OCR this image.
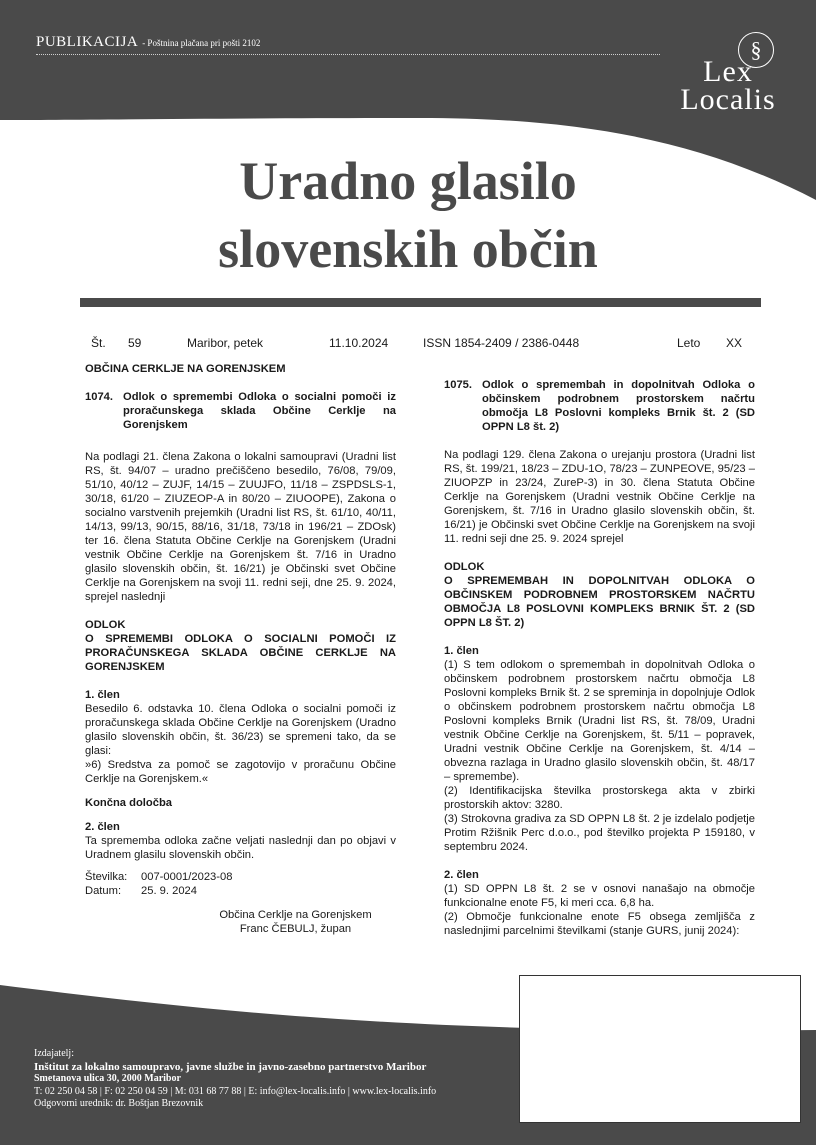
PUBLIKACIJA - Poštnina plačana pri pošti 2102	§
Lex
Localis
Uradno glasilo
slovenskih občin
Št. 59	Maribor, petek	11.10.2024	ISSN 1854-2409 / 2386-0448	Leto XX

OBČINA CERKLJE NA GORENJSKEM

1074. Odlok o spremembi Odloka o socialni pomoči iz proračunskega sklada Občine Cerklje na Gorenjskem

Na podlagi 21. člena Zakona o lokalni samoupravi (Uradni list RS, št. 94/07 – uradno prečiščeno besedilo, 76/08, 79/09, 51/10, 40/12 – ZUJF, 14/15 – ZUUJFO, 11/18 – ZSPDSLS-1, 30/18, 61/20 – ZIUZEOP-A in 80/20 – ZIUOOPE), Zakona o socialno varstvenih prejemkih (Uradni list RS, št. 61/10, 40/11, 14/13, 99/13, 90/15, 88/16, 31/18, 73/18 in 196/21 – ZDOsk) ter 16. člena Statuta Občine Cerklje na Gorenjskem (Uradni vestnik Občine Cerklje na Gorenjskem št. 7/16 in Uradno glasilo slovenskih občin, št. 16/21) je Občinski svet Občine Cerklje na Gorenjskem na svoji 11. redni seji, dne 25. 9. 2024, sprejel naslednji

ODLOK

O SPREMEMBI ODLOKA O SOCIALNI POMOČI IZ PRORAČUNSKEGA SKLADA OBČINE CERKLJE NA GORENJSKEM

1. člen

Besedilo 6. odstavka 10. člena Odloka o socialni pomoči iz proračunskega sklada Občine Cerklje na Gorenjskem (Uradno glasilo slovenskih občin, št. 36/23) se spremeni tako, da se glasi:

»6) Sredstva za pomoč se zagotovijo v proračunu Občine Cerklje na Gorenjskem.«

Končna določba

2. člen

Ta sprememba odloka začne veljati naslednji dan po objavi v Uradnem glasilu slovenskih občin.

Številka:	007-0001/2023-08
Datum:	25. 9. 2024
Občina Cerklje na Gorenjskem
Franc ČEBULJ, župan
1075. Odlok o spremembah in dopolnitvah Odloka o občinskem podrobnem prostorskem načrtu območja L8 Poslovni kompleks Brnik št. 2 (SD OPPN L8 št. 2)

Na podlagi 129. člena Zakona o urejanju prostora (Uradni list RS, št. 199/21, 18/23 – ZDU-1O, 78/23 – ZUNPEOVE, 95/23 – ZIUOPZP in 23/24, ZureP-3) in 30. člena Statuta Občine Cerklje na Gorenjskem (Uradni vestnik Občine Cerklje na Gorenjskem, št. 7/16 in Uradno glasilo slovenskih občin, št. 16/21) je Občinski svet Občine Cerklje na Gorenjskem na svoji 11. redni seji dne 25. 9. 2024 sprejel

ODLOK

O SPREMEMBAH IN DOPOLNITVAH ODLOKA O OBČINSKEM PODROBNEM PROSTORSKEM NAČRTU OBMOČJA L8 POSLOVNI KOMPLEKS BRNIK ŠT. 2 (SD OPPN L8 ŠT. 2)

1. člen

(1) S tem odlokom o spremembah in dopolnitvah Odloka o občinskem podrobnem prostorskem načrtu območja L8 Poslovni kompleks Brnik št. 2 se spreminja in dopolnjuje Odlok o občinskem podrobnem prostorskem načrtu območja L8 Poslovni kompleks Brnik (Uradni list RS, št. 78/09, Uradni vestnik Občine Cerklje na Gorenjskem, št. 5/11 – popravek, Uradni vestnik Občine Cerklje na Gorenjskem, št. 4/14 – obvezna razlaga in Uradno glasilo slovenskih občin, št. 48/17 – spremembe).

(2) Identifikacijska številka prostorskega akta v zbirki prostorskih aktov: 3280.

(3) Strokovna gradiva za SD OPPN L8 št. 2 je izdelalo podjetje Protim Ržišnik Perc d.o.o., pod številko projekta P 159180, v septembru 2024.

2. člen

(1) SD OPPN L8 št. 2 se v osnovi nanašajo na območje funkcionalne enote F5, ki meri cca. 6,8 ha.

(2) Območje funkcionalne enote F5 obsega zemljišča z naslednjimi parcelnimi številkami (stanje GURS, junij 2024):

Izdajatelj:
Inštitut za lokalno samoupravo, javne službe in javno-zasebno partnerstvo Maribor
Smetanova ulica 30, 2000 Maribor
T: 02 250 04 58 | F: 02 250 04 59 | M: 031 68 77 88 | E: info@lex-localis.info | www.lex-localis.info
Odgovorni urednik: dr. Boštjan Brezovnik
